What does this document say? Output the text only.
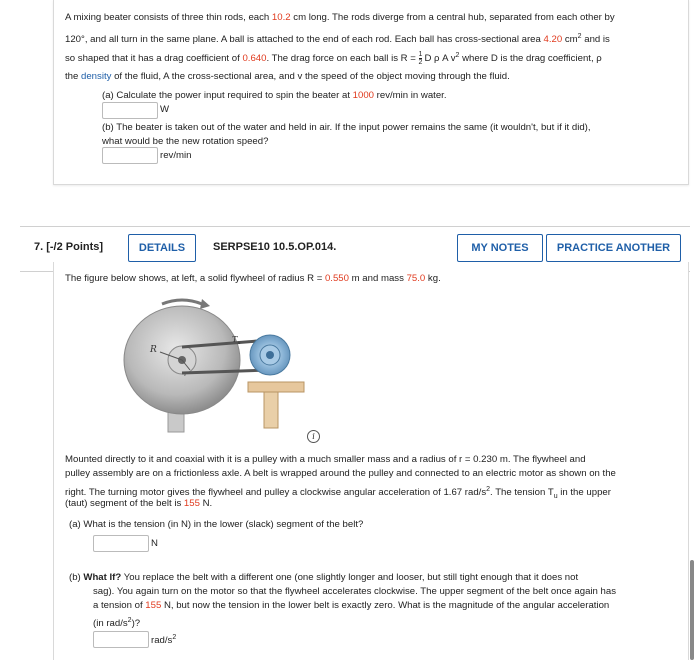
A mixing beater consists of three thin rods, each 10.2 cm long. The rods diverge from a central hub, separated from each other by
120°, and all turn in the same plane. A ball is attached to the end of each rod. Each ball has cross-sectional area 4.20 $cm^2$ and is
so shaped that it has a drag coefficient of 0.640. The drag force on each ball is R = 1

2 D ρ A $v^2$ where D is the drag coefficient, ρ
the density of the fluid, A the cross-sectional area, and v the speed of the object moving through the fluid.
(a) Calculate the power input required to spin the beater at 1000 rev/min in water.
W
(b) The beater is taken out of the water and held in air. If the input power remains the same (it wouldn't, but if it did),
what would be the new rotation speed?
rev/min
7. [-/2 Points]	DETAILS	SERPSE10 10.5.OP.014.	MY NOTES	PRACTICE ANOTHER
The figure below shows, at left, a solid flywheel of radius R = 0.550 m and mass 75.0 kg.
R
$T_u$
i
Mounted directly to it and coaxial with it is a pulley with a much smaller mass and a radius of r = 0.230 m. The flywheel and
pulley assembly are on a frictionless axle. A belt is wrapped around the pulley and connected to an electric motor as shown on the
right. The turning motor gives the flywheel and pulley a clockwise angular acceleration of 1.67 rad/$s^2$. The tension $T_u$ in the upper
(taut) segment of the belt is 155 N.
(a) What is the tension (in N) in the lower (slack) segment of the belt?
N
(b) What If? You replace the belt with a different one (one slightly longer and looser, but still tight enough that it does not
sag). You again turn on the motor so that the flywheel accelerates clockwise. The upper segment of the belt once again has
a tension of 155 N, but now the tension in the lower belt is exactly zero. What is the magnitude of the angular acceleration
(in rad/$s^2$)?
rad/$s^2$
